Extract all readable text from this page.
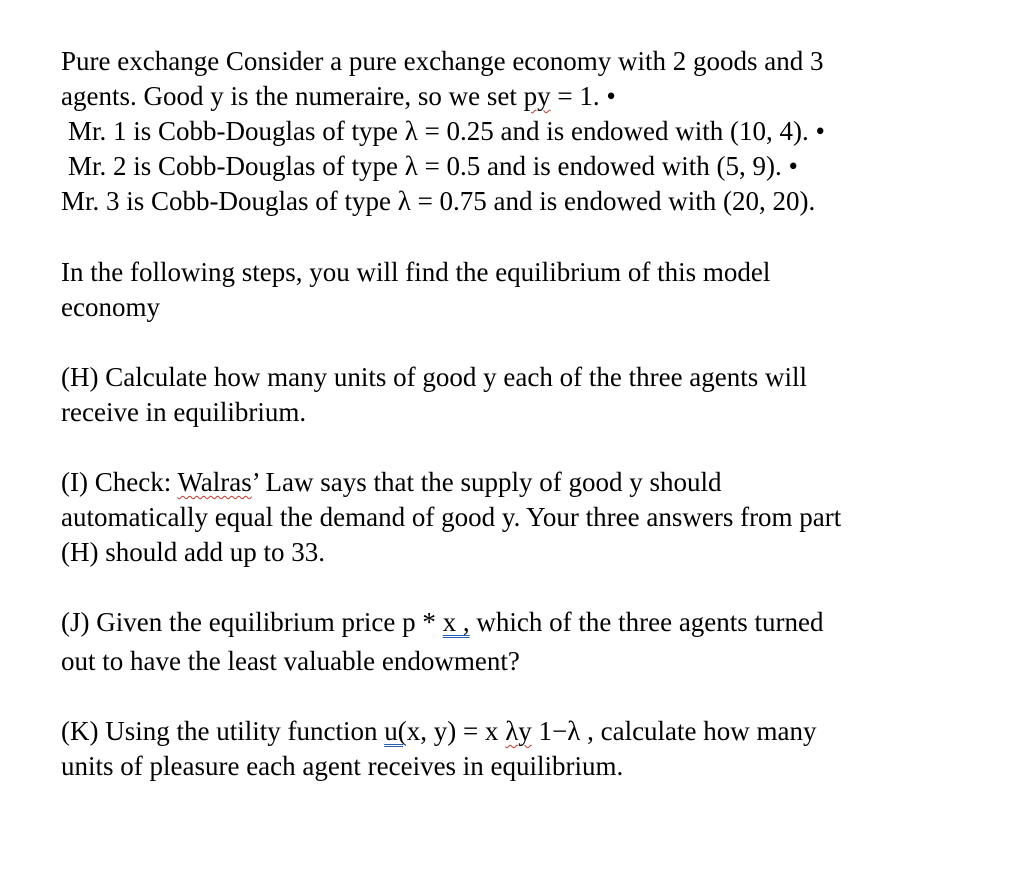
Pure exchange Consider a pure exchange economy with 2 goods and 3
agents. Good y is the numeraire, so we set py = 1. •
Mr. 1 is Cobb-Douglas of type λ = 0.25 and is endowed with (10, 4). •
Mr. 2 is Cobb-Douglas of type λ = 0.5 and is endowed with (5, 9). •
Mr. 3 is Cobb-Douglas of type λ = 0.75 and is endowed with (20, 20).
In the following steps, you will find the equilibrium of this model
economy
(H) Calculate how many units of good y each of the three agents will
receive in equilibrium.
(I) Check: Walras’ Law says that the supply of good y should
automatically equal the demand of good y. Your three answers from part
(H) should add up to 33.
(J) Given the equilibrium price p * x , which of the three agents turned
out to have the least valuable endowment?
(K) Using the utility function u(x, y) = x λy 1−λ , calculate how many
units of pleasure each agent receives in equilibrium.
